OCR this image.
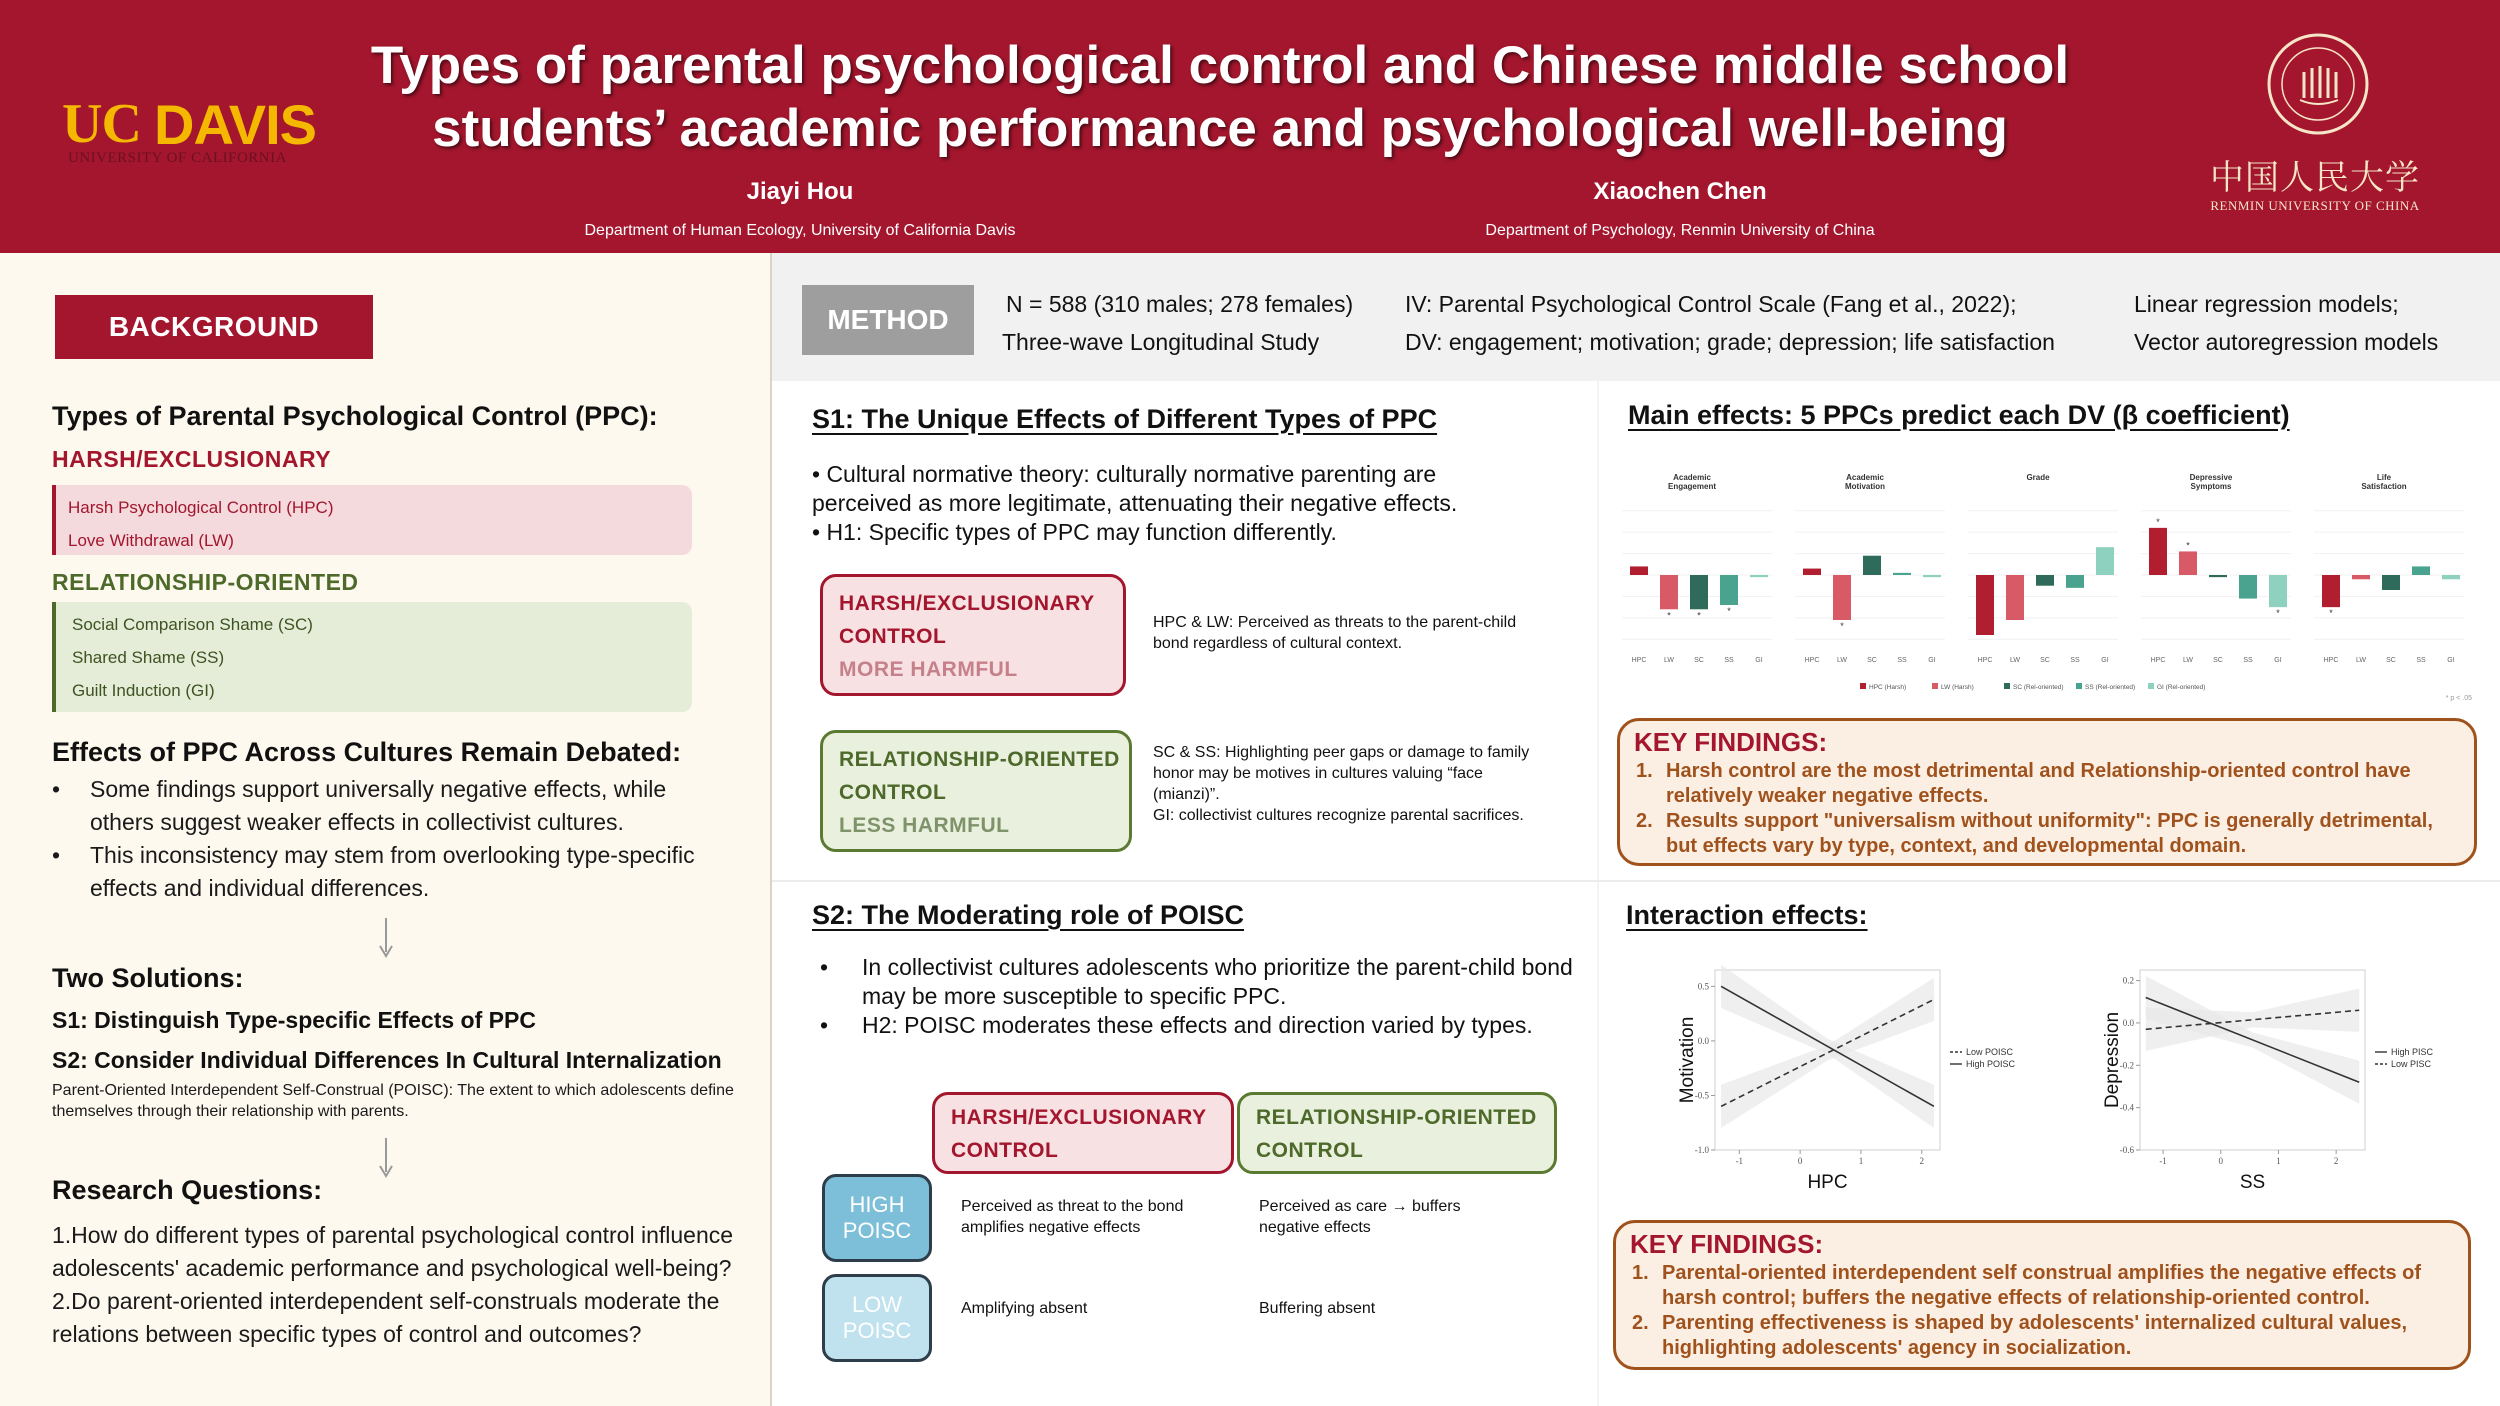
UC DAVIS
UNIVERSITY OF CALIFORNIA
Types of parental psychological control and Chinese middle school
students’ academic performance and psychological well-being
Jiayi Hou
Department of Human Ecology, University of California Davis
Xiaochen Chen
Department of Psychology, Renmin University of China
中国人民大学
RENMIN UNIVERSITY OF CHINA
BACKGROUND
Types of Parental Psychological Control (PPC):
HARSH/EXCLUSIONARY
Harsh Psychological Control (HPC)
Love Withdrawal (LW)
RELATIONSHIP-ORIENTED
Social Comparison Shame (SC)
Shared Shame (SS)
Guilt Induction (GI)
Effects of PPC Across Cultures Remain Debated:
• Some findings support universally negative effects, while others suggest weaker effects in collectivist cultures.
• This inconsistency may stem from overlooking type-specific effects and individual differences.
Two Solutions:
S1: Distinguish Type-specific Effects of PPC
S2: Consider Individual Differences In Cultural Internalization
Parent-Oriented Interdependent Self-Construal (POISC): The extent to which adolescents define themselves through their relationship with parents.
Research Questions:
1.How do different types of parental psychological control influence adolescents' academic performance and psychological well-being?
2.Do parent-oriented interdependent self-construals moderate the relations between specific types of control and outcomes?
METHOD	N = 588 (310 males; 278 females)
Three-wave Longitudinal Study
IV: Parental Psychological Control Scale (Fang et al., 2022);
DV: engagement; motivation; grade; depression; life satisfaction
Linear regression models;
Vector autoregression models
S1: The Unique Effects of Different Types of PPC
• Cultural normative theory: culturally normative parenting are perceived as more legitimate, attenuating their negative effects.
• H1: Specific types of PPC may function differently.
HARSH/EXCLUSIONARY
CONTROL
MORE HARMFUL
HPC & LW: Perceived as threats to the parent-child bond regardless of cultural context.
RELATIONSHIP-ORIENTED
CONTROL
LESS HARMFUL
SC & SS: Highlighting peer gaps or damage to family honor may be motives in cultures valuing “face (mianzi)”.
GI: collectivist cultures recognize parental sacrifices.
Main effects: 5 PPCs predict each DV (β coefficient)
Academic
Engagement
HPC
*
LW
*
SC
*
SS	GI
Academic
Motivation
HPC
*
LW	SC	SS	GI
Grade
HPC	LW	SC	SS	GI
Depressive
Symptoms
*
HPC
*
LW	SC	SS
*
GI
Life
Satisfaction
*
HPC	LW	SC	SS	GI
HPC (Harsh)	LW (Harsh)	SC (Rel-oriented)	SS (Rel-oriented)	GI (Rel-oriented)
* p < .05
KEY FINDINGS:
1. Harsh control are the most detrimental and Relationship-oriented control have relatively weaker negative effects.
2. Results support "universalism without uniformity": PPC is generally detrimental, but effects vary by type, context, and developmental domain.
S2: The Moderating role of POISC
• In collectivist cultures adolescents who prioritize the parent-child bond may be more susceptible to specific PPC.
• H2: POISC moderates these effects and direction varied by types.
HARSH/EXCLUSIONARY
CONTROL
RELATIONSHIP-ORIENTED
CONTROL
HIGH
POISC
LOW
POISC
Perceived as threat to the bond amplifies negative effects
Perceived as care → buffers negative effects
Amplifying absent	Buffering absent
Interaction effects:
-1	0	1	2
0.5
0.0
-0.5
-1.0
HPC
Motivation	Low POISC
High POISC
-1	0	1	2
0.2
0.0
-0.2
-0.4
-0.6
SS
Depression	High PISC
Low PISC
KEY FINDINGS:
1. Parental-oriented interdependent self construal amplifies the negative effects of harsh control; buffers the negative effects of relationship-oriented control.
2. Parenting effectiveness is shaped by adolescents' internalized cultural values, highlighting adolescents' agency in socialization.
